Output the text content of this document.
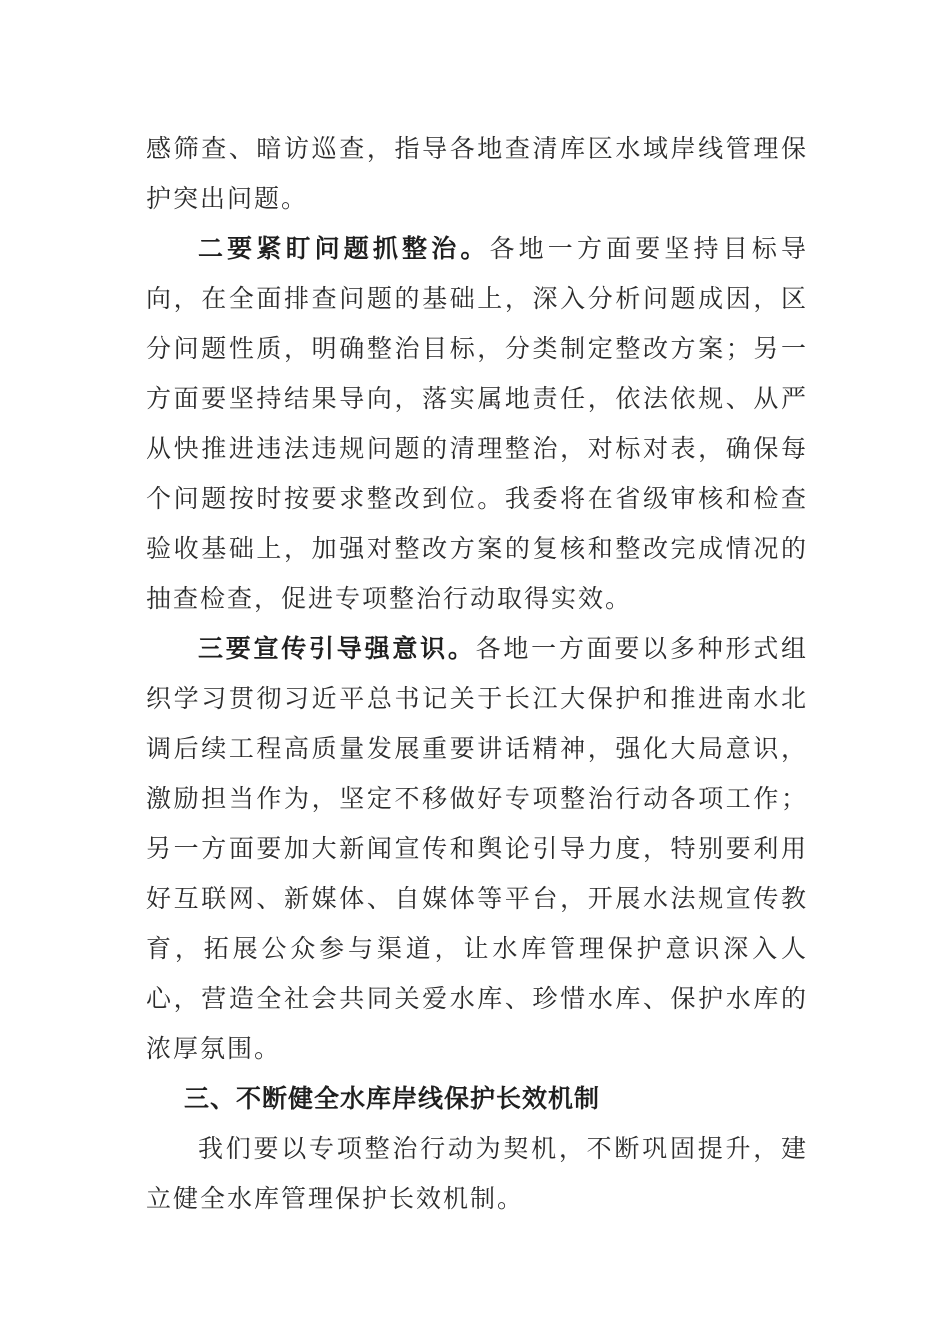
感筛查、暗访巡查，指导各地查清库区水域岸线管理保护突出问题。

二要紧盯问题抓整治。各地一方面要坚持目标导向，在全面排查问题的基础上，深入分析问题成因，区分问题性质，明确整治目标，分类制定整改方案；另一方面要坚持结果导向，落实属地责任，依法依规、从严从快推进违法违规问题的清理整治，对标对表，确保每个问题按时按要求整改到位。我委将在省级审核和检查验收基础上，加强对整改方案的复核和整改完成情况的抽查检查，促进专项整治行动取得实效。

三要宣传引导强意识。各地一方面要以多种形式组织学习贯彻习近平总书记关于长江大保护和推进南水北调后续工程高质量发展重要讲话精神，强化大局意识，激励担当作为，坚定不移做好专项整治行动各项工作；另一方面要加大新闻宣传和舆论引导力度，特别要利用好互联网、新媒体、自媒体等平台，开展水法规宣传教育，拓展公众参与渠道，让水库管理保护意识深入人心，营造全社会共同关爱水库、珍惜水库、保护水库的浓厚氛围。

三、不断健全水库岸线保护长效机制

我们要以专项整治行动为契机，不断巩固提升，建立健全水库管理保护长效机制。
